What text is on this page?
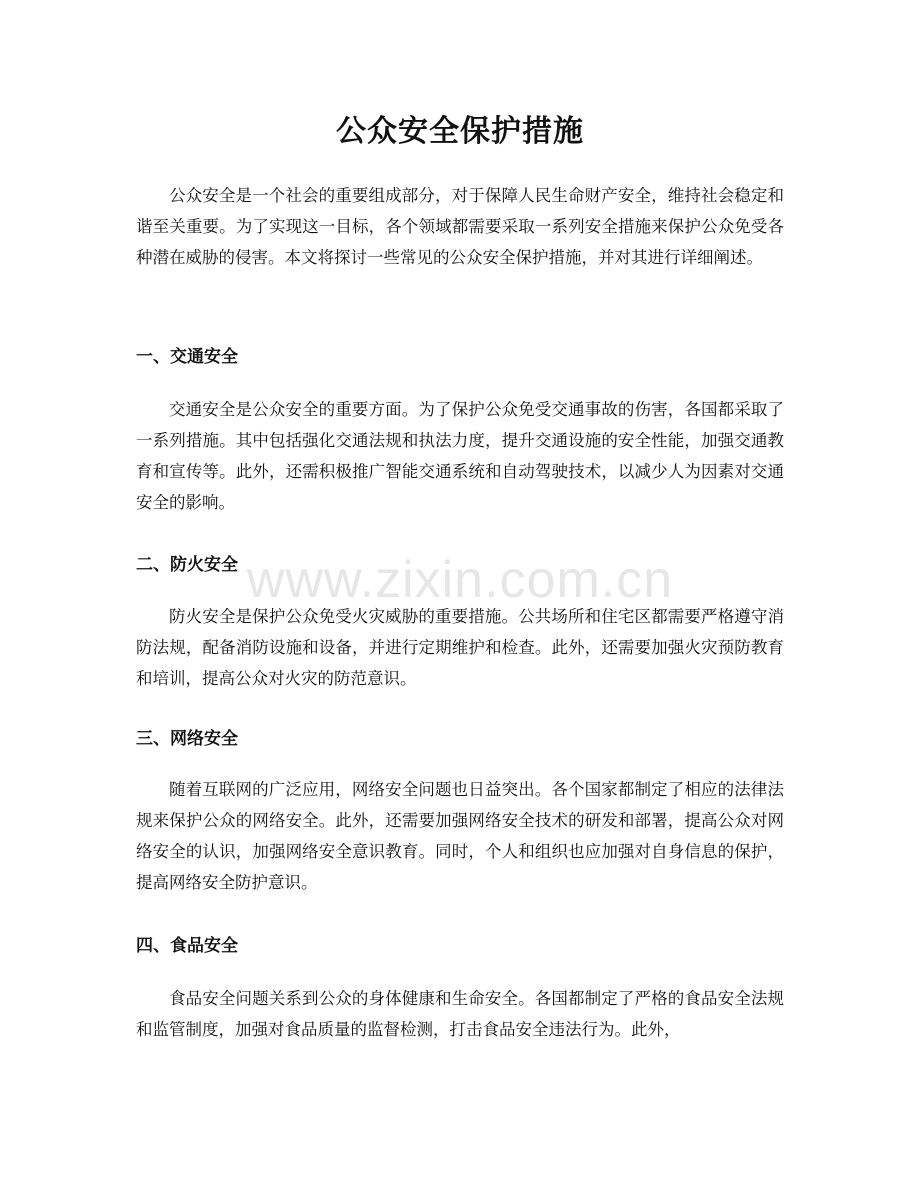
公众安全保护措施

公众安全是一个社会的重要组成部分，对于保障人民生命财产安全，维持社会稳定和谐至关重要。为了实现这一目标，各个领域都需要采取一系列安全措施来保护公众免受各种潜在威胁的侵害。本文将探讨一些常见的公众安全保护措施，并对其进行详细阐述。

一、交通安全

交通安全是公众安全的重要方面。为了保护公众免受交通事故的伤害，各国都采取了一系列措施。其中包括强化交通法规和执法力度，提升交通设施的安全性能，加强交通教育和宣传等。此外，还需积极推广智能交通系统和自动驾驶技术，以减少人为因素对交通安全的影响。

二、防火安全

防火安全是保护公众免受火灾威胁的重要措施。公共场所和住宅区都需要严格遵守消防法规，配备消防设施和设备，并进行定期维护和检查。此外，还需要加强火灾预防教育和培训，提高公众对火灾的防范意识。

三、网络安全

随着互联网的广泛应用，网络安全问题也日益突出。各个国家都制定了相应的法律法规来保护公众的网络安全。此外，还需要加强网络安全技术的研发和部署，提高公众对网络安全的认识，加强网络安全意识教育。同时，个人和组织也应加强对自身信息的保护，提高网络安全防护意识。

四、食品安全

食品安全问题关系到公众的身体健康和生命安全。各国都制定了严格的食品安全法规和监管制度，加强对食品质量的监督检测，打击食品安全违法行为。此外，

www.zixin.com.cn
